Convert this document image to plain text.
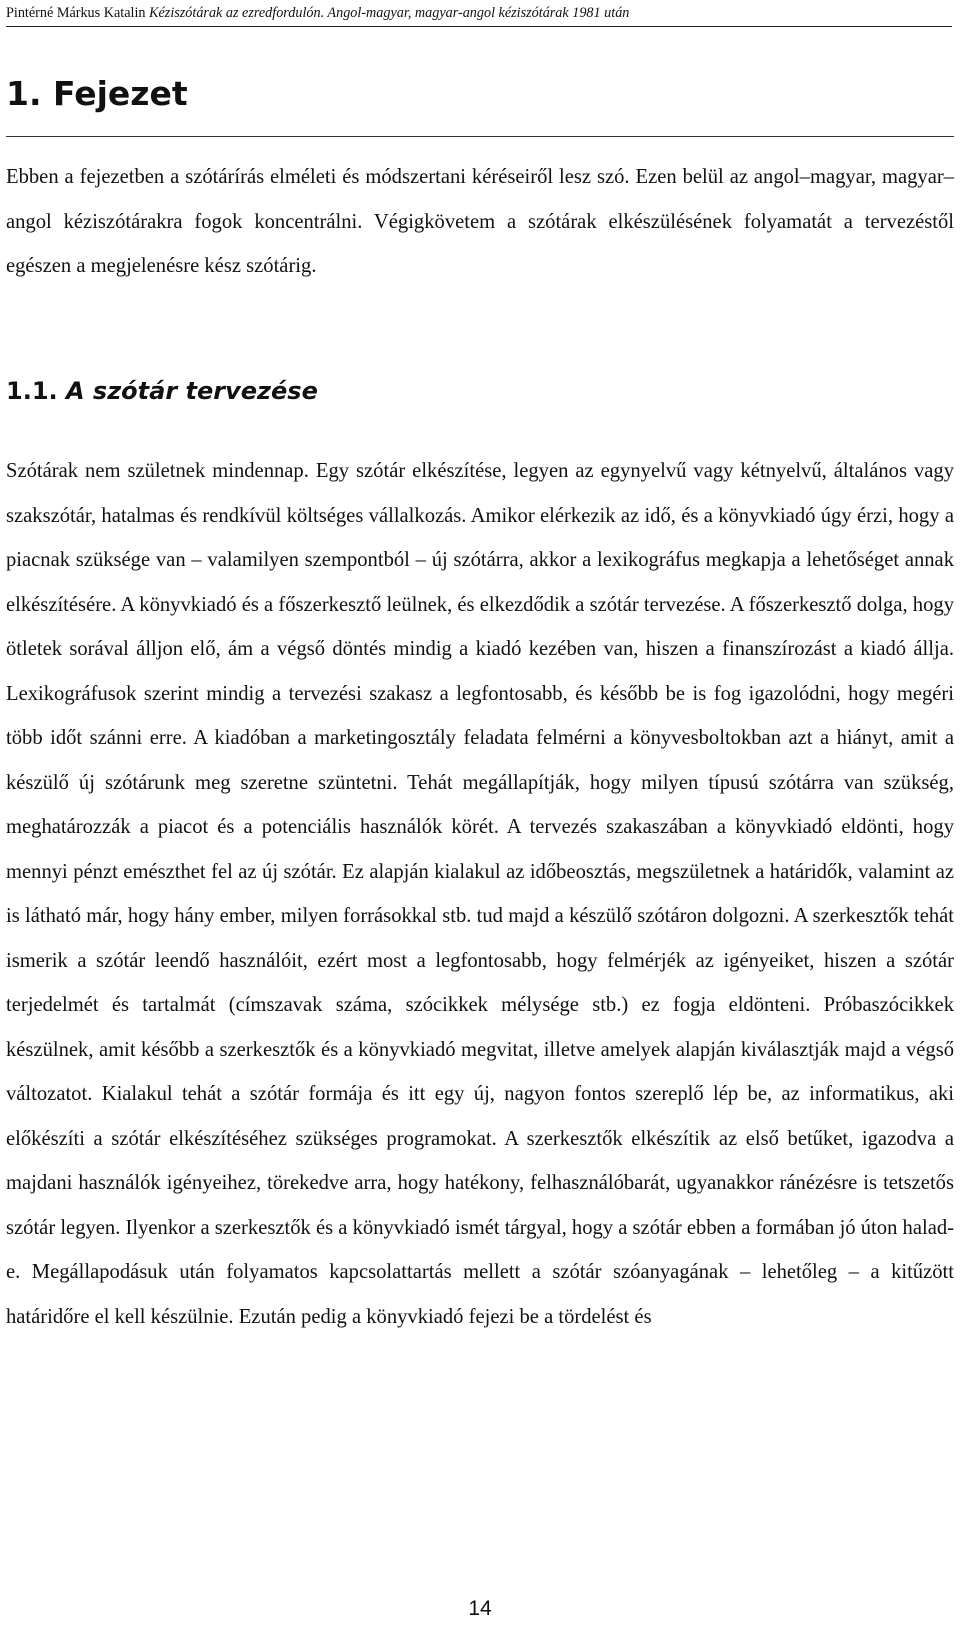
Pintérné Márkus Katalin Kéziszótárak az ezredfordulón. Angol-magyar, magyar-angol kéziszótárak 1981 után
1. Fejezet

Ebben a fejezetben a szótárírás elméleti és módszertani kéréseiről lesz szó. Ezen belül az angol–magyar, magyar–angol kéziszótárakra fogok koncentrálni. Végigkövetem a szótárak elkészülésének folyamatát a tervezéstől egészen a megjelenésre kész szótárig.

1.1. A szótár tervezése

Szótárak nem születnek mindennap. Egy szótár elkészítése, legyen az egynyelvű vagy kétnyelvű, általános vagy szakszótár, hatalmas és rendkívül költséges vállalkozás. Amikor elérkezik az idő, és a könyvkiadó úgy érzi, hogy a piacnak szüksége van – valamilyen szempontból – új szótárra, akkor a lexikográfus megkapja a lehetőséget annak elkészítésére. A könyvkiadó és a főszerkesztő leülnek, és elkezdődik a szótár tervezése. A főszerkesztő dolga, hogy ötletek sorával álljon elő, ám a végső döntés mindig a kiadó kezében van, hiszen a finanszírozást a kiadó állja. Lexikográfusok szerint mindig a tervezési szakasz a legfontosabb, és később be is fog igazolódni, hogy megéri több időt szánni erre. A kiadóban a marketingosztály feladata felmérni a könyvesboltokban azt a hiányt, amit a készülő új szótárunk meg szeretne szüntetni. Tehát megállapítják, hogy milyen típusú szótárra van szükség, meghatározzák a piacot és a potenciális használók körét. A tervezés szakaszában a könyvkiadó eldönti, hogy mennyi pénzt emészthet fel az új szótár. Ez alapján kialakul az időbeosztás, megszületnek a határidők, valamint az is látható már, hogy hány ember, milyen forrásokkal stb. tud majd a készülő szótáron dolgozni. A szerkesztők tehát ismerik a szótár leendő használóit, ezért most a legfontosabb, hogy felmérjék az igényeiket, hiszen a szótár terjedelmét és tartalmát (címszavak száma, szócikkek mélysége stb.) ez fogja eldönteni. Próbaszócikkek készülnek, amit később a szerkesztők és a könyvkiadó megvitat, illetve amelyek alapján kiválasztják majd a végső változatot. Kialakul tehát a szótár formája és itt egy új, nagyon fontos szereplő lép be, az informatikus, aki előkészíti a szótár elkészítéséhez szükséges programokat. A szerkesztők elkészítik az első betűket, igazodva a majdani használók igényeihez, törekedve arra, hogy hatékony, felhasználóbarát, ugyanakkor ránézésre is tetszetős szótár legyen. Ilyenkor a szerkesztők és a könyvkiadó ismét tárgyal, hogy a szótár ebben a formában jó úton halad-e. Megállapodásuk után folyamatos kapcsolattartás mellett a szótár szóanyagának – lehetőleg – a kitűzött határidőre el kell készülnie. Ezután pedig a könyvkiadó fejezi be a tördelést és

14
